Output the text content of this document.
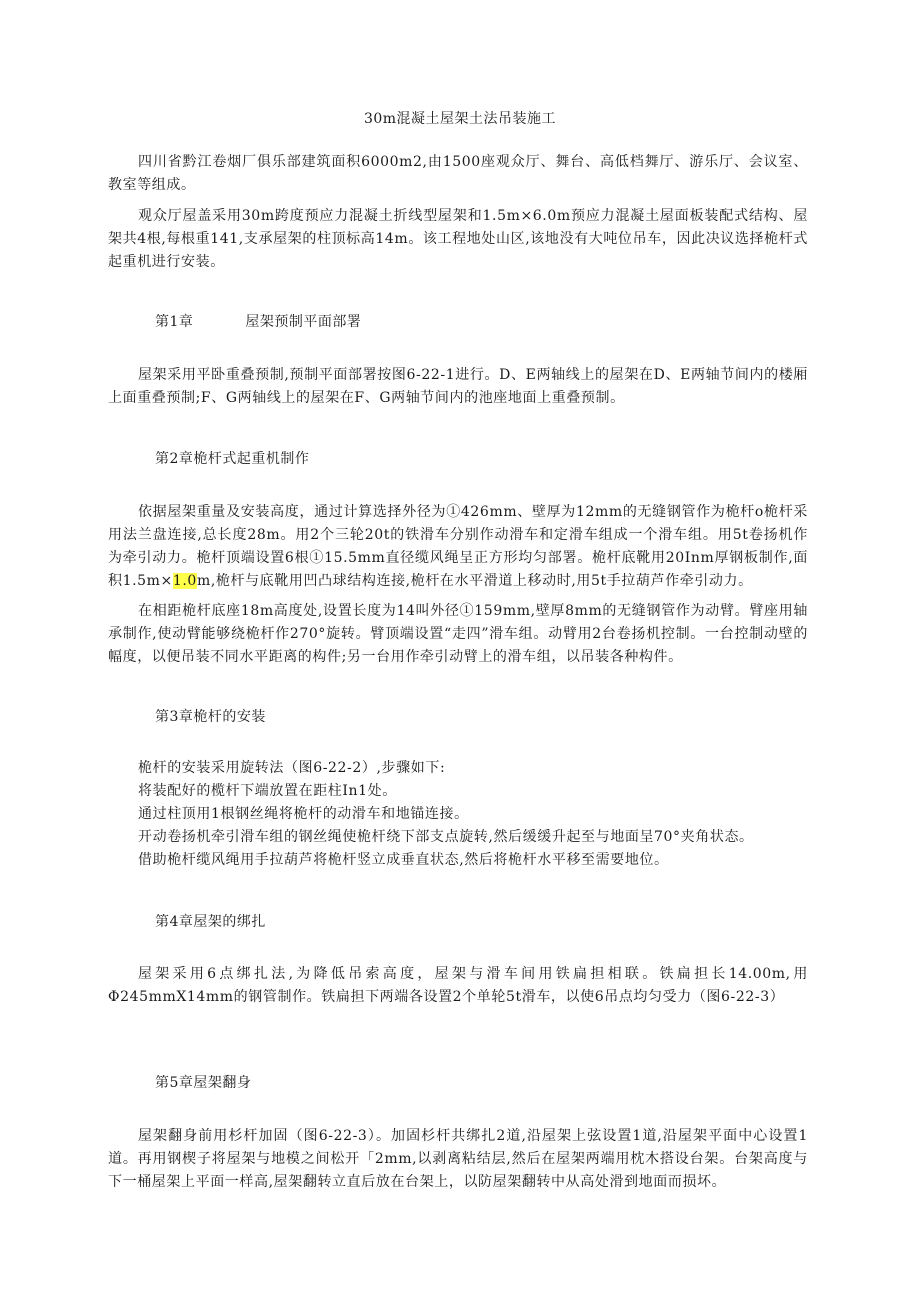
30m混凝土屋架土法吊装施工
四川省黔江卷烟厂俱乐部建筑面积6000m2,由1500座观众厅、舞台、高低档舞厅、游乐厅、会议室、教室等组成。
观众厅屋盖采用30m跨度预应力混凝土折线型屋架和1.5m×6.0m预应力混凝土屋面板装配式结构、屋架共4根,每根重141,支承屋架的柱顶标高14m。该工程地处山区,该地没有大吨位吊车，因此决议选择桅杆式起重机进行安装。
第1章	屋架预制平面部署
屋架采用平卧重叠预制,预制平面部署按图6-22-1进行。D、E两轴线上的屋架在D、E两轴节间内的楼厢上面重叠预制;F、G两轴线上的屋架在F、G两轴节间内的池座地面上重叠预制。
第2章桅杆式起重机制作
依据屋架重量及安装高度，通过计算选择外径为①426mm、壁厚为12mm的无缝钢管作为桅杆o桅杆采用法兰盘连接,总长度28m。用2个三轮20t的铁滑车分别作动滑车和定滑车组成一个滑车组。用5t卷扬机作为牵引动力。桅杆顶端设置6根①15.5mm直径缆风绳呈正方形均匀部署。桅杆底靴用20Inm厚钢板制作,面积1.5m×1.0m,桅杆与底靴用凹凸球结构连接,桅杆在水平滑道上移动时,用5t手拉葫芦作牵引动力。
在相距桅杆底座18m高度处,设置长度为14叫外径①159mm,壁厚8mm的无缝钢管作为动臂。臂座用轴承制作,使动臂能够绕桅杆作270°旋转。臂顶端设置“走四”滑车组。动臂用2台卷扬机控制。一台控制动壁的幅度，以便吊装不同水平距离的构件;另一台用作牵引动臂上的滑车组，以吊装各种构件。
第3章桅杆的安装
桅杆的安装采用旋转法（图6-22-2）,步骤如下:
将装配好的榄杆下端放置在距柱In1处。
通过柱顶用1根钢丝绳将桅杆的动滑车和地锚连接。
开动卷扬机牵引滑车组的钢丝绳使桅杆绕下部支点旋转,然后缓缓升起至与地面呈70°夹角状态。
借助桅杆缆风绳用手拉葫芦将桅杆竖立成垂直状态,然后将桅杆水平移至需要地位。
第4章屋架的绑扎
屋架采用6点绑扎法,为降低吊索高度，屋架与滑车间用铁扁担相联。铁扁担长14.00m,用Φ245mmX14mm的钢管制作。铁扁担下两端各设置2个单轮5t滑车，以使6吊点均匀受力（图6-22-3）
第5章屋架翻身
屋架翻身前用杉杆加固（图6-22-3）。加固杉杆共绑扎2道,沿屋架上弦设置1道,沿屋架平面中心设置1道。再用钢楔子将屋架与地模之间松开「2mm,以剥离粘结层,然后在屋架两端用枕木搭设台架。台架高度与下一桶屋架上平面一样高,屋架翻转立直后放在台架上，以防屋架翻转中从高处滑到地面而损坏。
